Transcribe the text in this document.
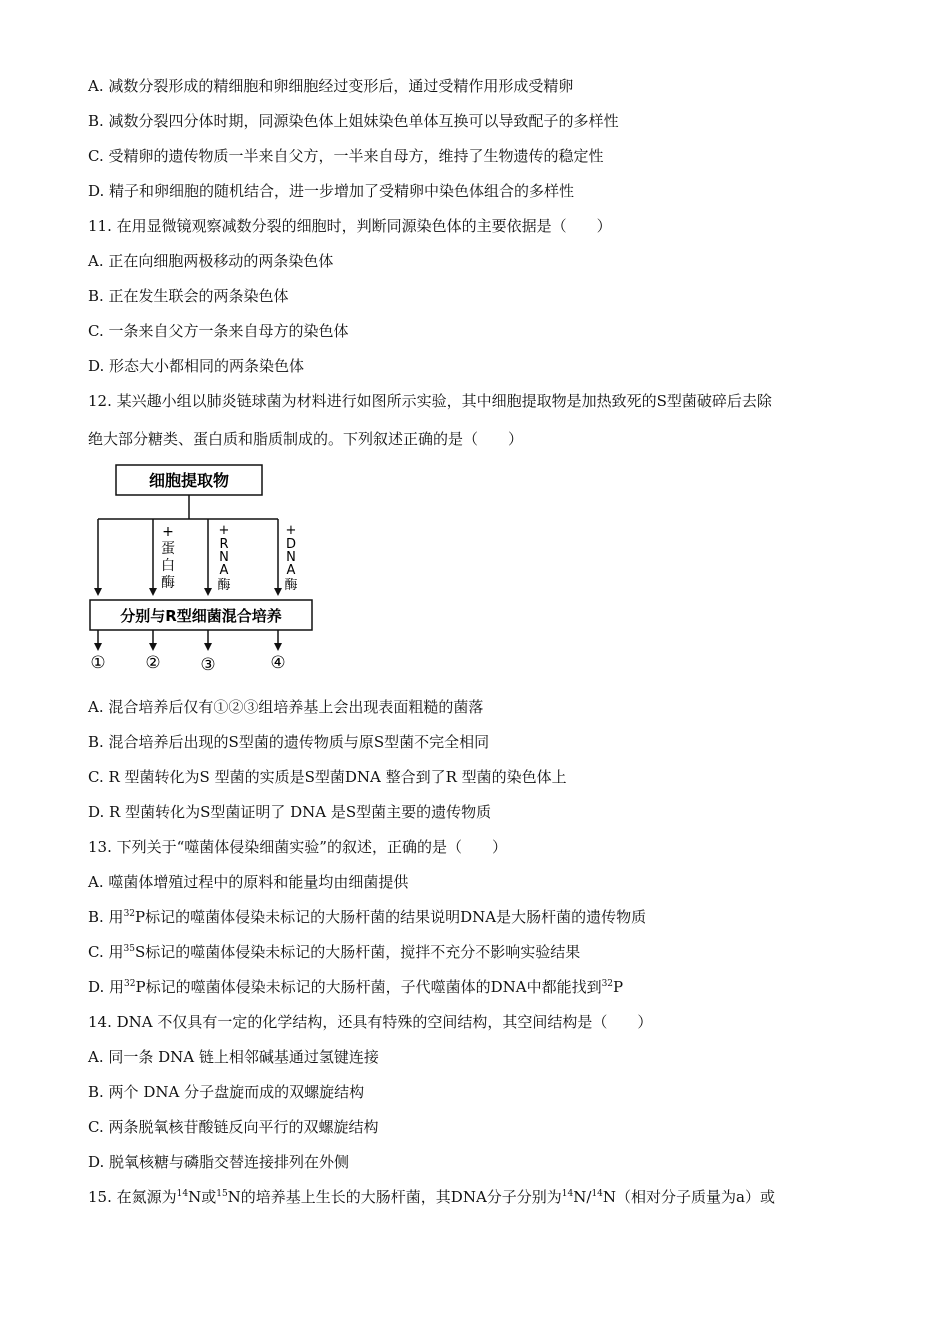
A. 减数分裂形成的精细胞和卵细胞经过变形后，通过受精作用形成受精卵
B. 减数分裂四分体时期，同源染色体上姐妹染色单体互换可以导致配子的多样性
C. 受精卵的遗传物质一半来自父方，一半来自母方，维持了生物遗传的稳定性
D. 精子和卵细胞的随机结合，进一步增加了受精卵中染色体组合的多样性
11. 在用显微镜观察减数分裂的细胞时，判断同源染色体的主要依据是（　　）
A. 正在向细胞两极移动的两条染色体
B. 正在发生联会的两条染色体
C. 一条来自父方一条来自母方的染色体
D. 形态大小都相同的两条染色体
12. 某兴趣小组以肺炎链球菌为材料进行如图所示实验，其中细胞提取物是加热致死的S型菌破碎后去除
绝大部分糖类、蛋白质和脂质制成的。下列叙述正确的是（　　）
细胞提取物
+
蛋
白
酶
+
R
N
A
酶
+
D
N
A
酶
分别与R型细菌混合培养
① ② ③	④
A. 混合培养后仅有①②③组培养基上会出现表面粗糙的菌落
B. 混合培养后出现的S型菌的遗传物质与原S型菌不完全相同
C. R 型菌转化为S 型菌的实质是S型菌DNA 整合到了R 型菌的染色体上
D. R 型菌转化为S型菌证明了 DNA 是S型菌主要的遗传物质
13. 下列关于“噬菌体侵染细菌实验”的叙述，正确的是（　　）
A. 噬菌体增殖过程中的原料和能量均由细菌提供
B. 用$^{32}$P标记的噬菌体侵染未标记的大肠杆菌的结果说明DNA是大肠杆菌的遗传物质
C. 用$^{35}$S标记的噬菌体侵染未标记的大肠杆菌，搅拌不充分不影响实验结果
D. 用$^{32}$P标记的噬菌体侵染未标记的大肠杆菌，子代噬菌体的DNA中都能找到$^{32}$P
14. DNA 不仅具有一定的化学结构，还具有特殊的空间结构，其空间结构是（　　）
A. 同一条 DNA 链上相邻碱基通过氢键连接
B. 两个 DNA 分子盘旋而成的双螺旋结构
C. 两条脱氧核苷酸链反向平行的双螺旋结构
D. 脱氧核糖与磷脂交替连接排列在外侧
15. 在氮源为$^{14}$N或$^{15}$N的培养基上生长的大肠杆菌，其DNA分子分别为$^{14}$N/$^{14}$N（相对分子质量为a）或
